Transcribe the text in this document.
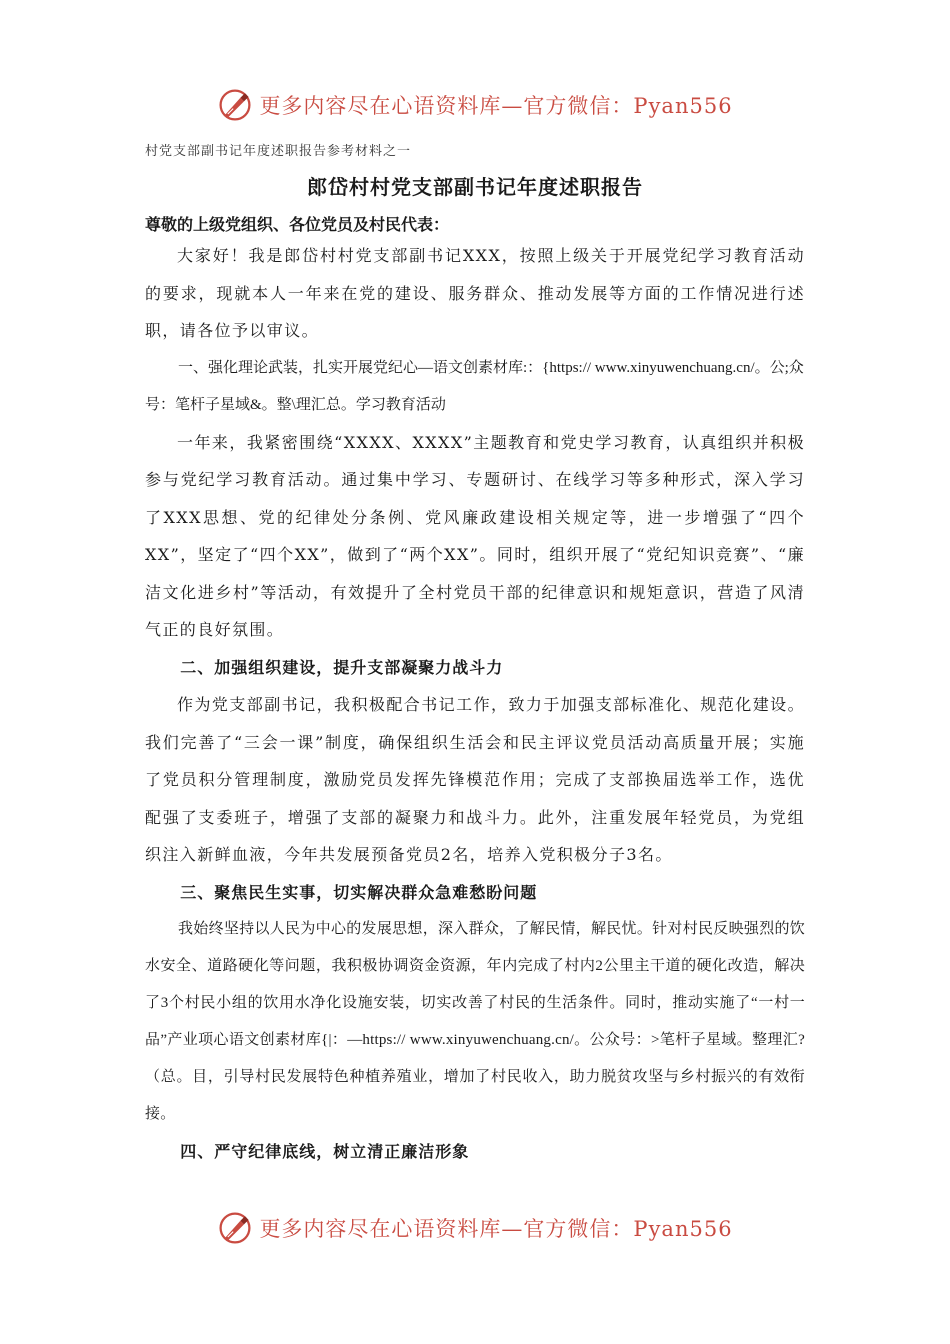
更多内容尽在心语资料库—官方微信：Pyan556
村党支部副书记年度述职报告参考材料之一
郎岱村村党支部副书记年度述职报告
尊敬的上级党组织、各位党员及村民代表：

大家好！我是郎岱村村党支部副书记XXX，按照上级关于开展党纪学习教育活动的要求，现就本人一年来在党的建设、服务群众、推动发展等方面的工作情况进行述职，请各位予以审议。

一、强化理论武装，扎实开展党纪心—语文创素材库:：{https:// www.xinyuwenchuang.cn/。公;众号：笔杆子星域&。整\理汇总。学习教育活动

一年来，我紧密围绕“XXXX、XXXX”主题教育和党史学习教育，认真组织并积极参与党纪学习教育活动。通过集中学习、专题研讨、在线学习等多种形式，深入学习了XXX思想、党的纪律处分条例、党风廉政建设相关规定等，进一步增强了“四个XX”，坚定了“四个XX”，做到了“两个XX”。同时，组织开展了“党纪知识竞赛”、“廉洁文化进乡村”等活动，有效提升了全村党员干部的纪律意识和规矩意识，营造了风清气正的良好氛围。

二、加强组织建设，提升支部凝聚力战斗力

作为党支部副书记，我积极配合书记工作，致力于加强支部标准化、规范化建设。我们完善了“三会一课”制度，确保组织生活会和民主评议党员活动高质量开展；实施了党员积分管理制度，激励党员发挥先锋模范作用；完成了支部换届选举工作，选优配强了支委班子，增强了支部的凝聚力和战斗力。此外，注重发展年轻党员，为党组织注入新鲜血液，今年共发展预备党员2名，培养入党积极分子3名。

三、聚焦民生实事，切实解决群众急难愁盼问题

我始终坚持以人民为中心的发展思想，深入群众，了解民情，解民忧。针对村民反映强烈的饮水安全、道路硬化等问题，我积极协调资金资源，年内完成了村内2公里主干道的硬化改造，解决了3个村民小组的饮用水净化设施安装，切实改善了村民的生活条件。同时，推动实施了“一村一品”产业项心语文创素材库{|：—https:// www.xinyuwenchuang.cn/。公众号：>笔杆子星域。整理汇?（总。目，引导村民发展特色种植养殖业，增加了村民收入，助力脱贫攻坚与乡村振兴的有效衔接。

四、严守纪律底线，树立清正廉洁形象

更多内容尽在心语资料库—官方微信：Pyan556
